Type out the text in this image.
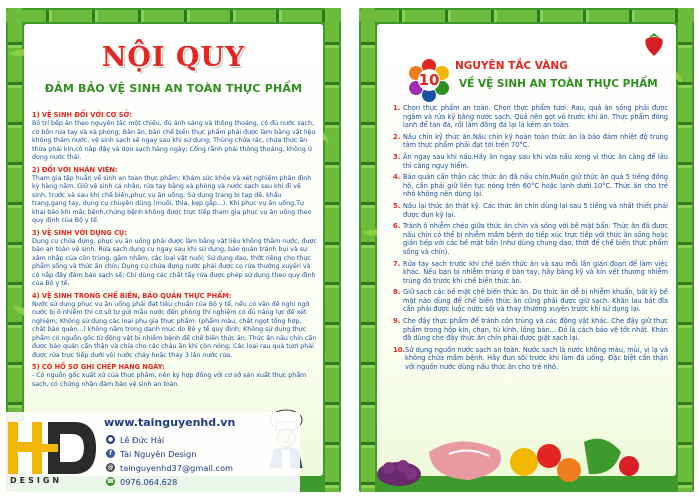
NỘI QUY
ĐẢM BẢO VỆ SINH AN TOÀN THỰC PHẨM
1) VỆ SINH ĐỐI VỚI CƠ SỞ:
Bố trí bếp ăn theo nguyên tắc một chiều, đủ ánh sáng và thông thoáng, có đủ nước sạch, có bồn rửa tay và xà phòng; Bàn ăn, bàn chế biến thực phẩm phải được làm bằng vật liệu không thấm nước, vệ sinh sạch sẽ ngay sau khi sử dụng; Thùng chứa rác, chứa thức ăn thừa phải kín,có nắp đậy và dọn sạch hàng ngày; Cống rãnh phải thông thoáng, không ứ đọng nước thải.
2) ĐỐI VỚI NHÂN VIÊN:
Tham gia tập huấn về sinh an toàn thực phẩm; Khám sức khỏe và xét nghiệm phân định kỳ hàng năm. Giữ vệ sinh cá nhân, rửa tay bằng xà phòng và nước sạch sau khi đi vệ sinh, trước và sau khi chế biến,phục vụ ăn uống. Sử dụng trang bị tạp dề, khẩu trang,gang tay, dụng cụ chuyên dùng (muôi, thìa, kẹp gắp...). Khi phục vụ ăn uống,Tự khai báo khi mắc bệnh,chứng bệnh không được trực tiếp tham gia phục vụ ăn uống theo quy định của Bộ y tế.
3) VỆ SINH VỚI DỤNG CỤ:
Dụng cụ chứa đựng, phục vụ ăn uống phải được làm bằng vật liệu không thấm nước, được bảo an toàn vệ sinh. Rửa sạch dụng cụ ngay sau khi sử dụng, bảo quản tránh bụi và sự xâm nhập của côn trùng, gặm nhấm, các loại vật nuôi; Sử dụng dao, thớt riêng cho thực phẩm sống và thức ăn chín; Dụng cụ chứa đựng nước phải được cọ rửa thường xuyên và có nắp đậy đảm bảo sạch sẽ; Chỉ dùng các chất tẩy rửa được phép sử dụng theo quy định của Bộ y tế.
4) VỆ SINH TRONG CHẾ BIẾN, BẢO QUẢN THỰC PHẨM:
Nước sử dụng phục vụ ăn uống phải đạt tiêu chuẩn của Bộ y tế, nếu có vấn đề nghi ngờ nước bị ô nhiễm thì cơ sở tự gửi mẫu nước đến phòng thí nghiệm có đủ năng lực để xét nghiệm; Không sử dụng các loại phụ gia thực phẩm: (phẩm màu, chất ngọt tổng hợp, chất bảo quản...) không nằm trong danh mục do Bộ y tế quy định; Không sử dụng thực phẩm có nguồn gốc từ động vật bị nhiễm bệnh để chế biến thức ăn: Thức ăn nấu chín cần được bảo quản cẩn thận và chia cho các cháu ăn khi còn nóng; Các loại rau quả tươi phải được rửa trực tiếp dưới vòi nước chảy hoặc thay 3 lần nước rửa.
5) CÓ HỒ SƠ GHI CHÉP HÀNG NGÀY:
- Có nguồn gốc xuất xứ của thực phẩm, nên ký hợp đồng với cơ sở sản xuất thực phẩm sạch, có chứng nhận đảm bảo vệ sinh an toàn.
10
NGUYÊN TẮC VÀNG
VỀ VỆ SINH AN TOÀN THỰC PHẨM
1. Chọn thực phẩm an toàn. Chọn thực phẩm tươi. Rau, quả ăn sống phải được ngâm và rửa kỹ bằng nước sạch. Quả nên gọt vỏ trước khi ăn. Thực phẩm đông lạnh để tan đá, rồi làm đông đá lại là kém an toàn.
2. Nấu chín kỹ thức ăn.Nấu chín kỹ hoàn toàn thức ăn là bảo đảm nhiệt độ trung tâm thực phẩm phải đạt tới trên 70°C.
3. Ăn ngay sau khi nấu.Hãy ăn ngay sau khi vừa nấu xong vì thức ăn càng để lâu thì càng nguy hiểm.
4. Bảo quản cẩn thận các thức ăn đã nấu chín.Muốn giữ thức ăn quá 5 tiếng đồng hồ, cần phải giữ liên tục nóng trên 60°C hoặc lạnh dưới 10°C. Thức ăn cho trẻ nhỏ không nên dùng lại.
5. Nấu lại thức ăn thật kỹ. Các thức ăn chín dùng lại sau 5 tiếng và nhất thiết phải được đun kỹ lại.
6. Tránh ô nhiễm chéo giữa thức ăn chín và sống với bề mặt bẩn. Thức ăn đã được nấu chín có thể bị nhiễm mầm bệnh do tiếp xúc trực tiếp với thức ăn sống hoặc gián tiếp với các bề mặt bẩn (như dùng chung dao, thớt để chế biến thực phẩm sống và chín).
7. Rửa tay sạch trước khi chế biến thức ăn và sau mỗi lần gián đoạn để làm việc khác. Nếu bạn bị nhiễm trùng ở bàn tay, hãy băng kỹ và kín vết thương nhiễm trùng đó trước khi chế biến thức ăn.
8. Giữ sạch các bề mặt chế biến thức ăn. Do thức ăn dễ bị nhiễm khuẩn, bất kỳ bề mặt nào dùng để chế biến thức ăn cũng phải được giữ sạch. Khăn lau bát đĩa cần phải được luộc nước sôi và thay thường xuyên trước khi sử dụng lại.
9. Che đậy thực phẩm để tránh côn trùng và các động vật khác. Che đậy giữ thực phẩm trong hộp kín, chạn, tủ kính, lồng bàn... Đó là cách bảo vệ tốt nhất. Khăn đã dùng che đậy thức ăn chín phải được giặt sạch lại.
10. Sử dụng nguồn nước sạch an toàn. Nước sạch là nước không màu, mùi, vị lạ và không chứa mầm bệnh. Hãy đun sôi trước khi làm đá uống. Đặc biệt cẩn thận với nguồn nước dùng nấu thức ăn cho trẻ nhỏ.
DESIGN
www.tainguyenhd.vn
● Lê Đức Hải
f Tài Nguyên Design
@ tainguyenhd37@gmail.com
☎ 0976.064.628
